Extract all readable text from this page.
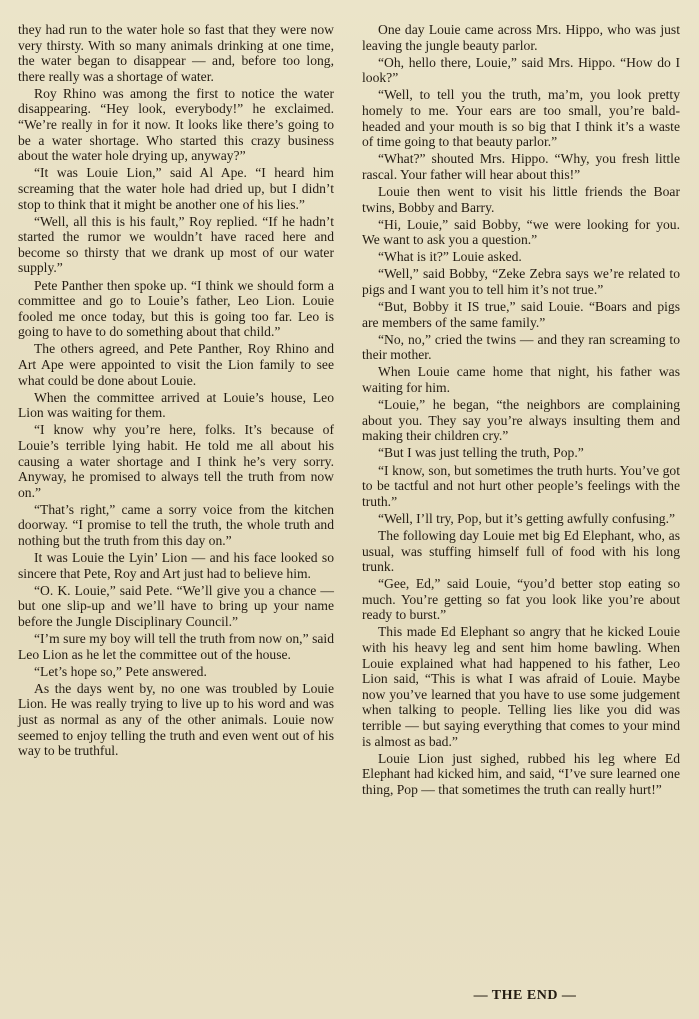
they had run to the water hole so fast that they were now very thirsty. With so many animals drinking at one time, the water began to disappear — and, before too long, there really was a shortage of water.

Roy Rhino was among the first to notice the water disappearing. “Hey look, everybody!” he exclaimed. “We’re really in for it now. It looks like there’s going to be a water shortage. Who started this crazy business about the water hole drying up, anyway?”

“It was Louie Lion,” said Al Ape. “I heard him screaming that the water hole had dried up, but I didn’t stop to think that it might be another one of his lies.”

“Well, all this is his fault,” Roy replied. “If he hadn’t started the rumor we wouldn’t have raced here and become so thirsty that we drank up most of our water supply.”

Pete Panther then spoke up. “I think we should form a committee and go to Louie’s father, Leo Lion. Louie fooled me once today, but this is going too far. Leo is going to have to do something about that child.”

The others agreed, and Pete Panther, Roy Rhino and Art Ape were appointed to visit the Lion family to see what could be done about Louie.

When the committee arrived at Louie’s house, Leo Lion was waiting for them.

“I know why you’re here, folks. It’s because of Louie’s terrible lying habit. He told me all about his causing a water shortage and I think he’s very sorry. Anyway, he promised to always tell the truth from now on.”

“That’s right,” came a sorry voice from the kitchen doorway. “I promise to tell the truth, the whole truth and nothing but the truth from this day on.”

It was Louie the Lyin’ Lion — and his face looked so sincere that Pete, Roy and Art just had to believe him.

“O. K. Louie,” said Pete. “We’ll give you a chance — but one slip-up and we’ll have to bring up your name before the Jungle Disciplinary Council.”

“I’m sure my boy will tell the truth from now on,” said Leo Lion as he let the committee out of the house.

“Let’s hope so,” Pete answered.

As the days went by, no one was troubled by Louie Lion. He was really trying to live up to his word and was just as normal as any of the other animals. Louie now seemed to enjoy telling the truth and even went out of his way to be truthful.

One day Louie came across Mrs. Hippo, who was just leaving the jungle beauty parlor.

“Oh, hello there, Louie,” said Mrs. Hippo. “How do I look?”

“Well, to tell you the truth, ma’m, you look pretty homely to me. Your ears are too small, you’re bald-headed and your mouth is so big that I think it’s a waste of time going to that beauty parlor.”

“What?” shouted Mrs. Hippo. “Why, you fresh little rascal. Your father will hear about this!”

Louie then went to visit his little friends the Boar twins, Bobby and Barry.

“Hi, Louie,” said Bobby, “we were looking for you. We want to ask you a question.”

“What is it?” Louie asked.

“Well,” said Bobby, “Zeke Zebra says we’re related to pigs and I want you to tell him it’s not true.”

“But, Bobby it IS true,” said Louie. “Boars and pigs are members of the same family.”

“No, no,” cried the twins — and they ran screaming to their mother.

When Louie came home that night, his father was waiting for him.

“Louie,” he began, “the neighbors are complaining about you. They say you’re always insulting them and making their children cry.”

“But I was just telling the truth, Pop.”

“I know, son, but sometimes the truth hurts. You’ve got to be tactful and not hurt other people’s feelings with the truth.”

“Well, I’ll try, Pop, but it’s getting awfully confusing.”

The following day Louie met big Ed Elephant, who, as usual, was stuffing himself full of food with his long trunk.

“Gee, Ed,” said Louie, “you’d better stop eating so much. You’re getting so fat you look like you’re about ready to burst.”

This made Ed Elephant so angry that he kicked Louie with his heavy leg and sent him home bawling. When Louie explained what had happened to his father, Leo Lion said, “This is what I was afraid of Louie. Maybe now you’ve learned that you have to use some judgement when talking to people. Telling lies like you did was terrible — but saying everything that comes to your mind is almost as bad.”

Louie Lion just sighed, rubbed his leg where Ed Elephant had kicked him, and said, “I’ve sure learned one thing, Pop — that sometimes the truth can really hurt!”

— THE END —
